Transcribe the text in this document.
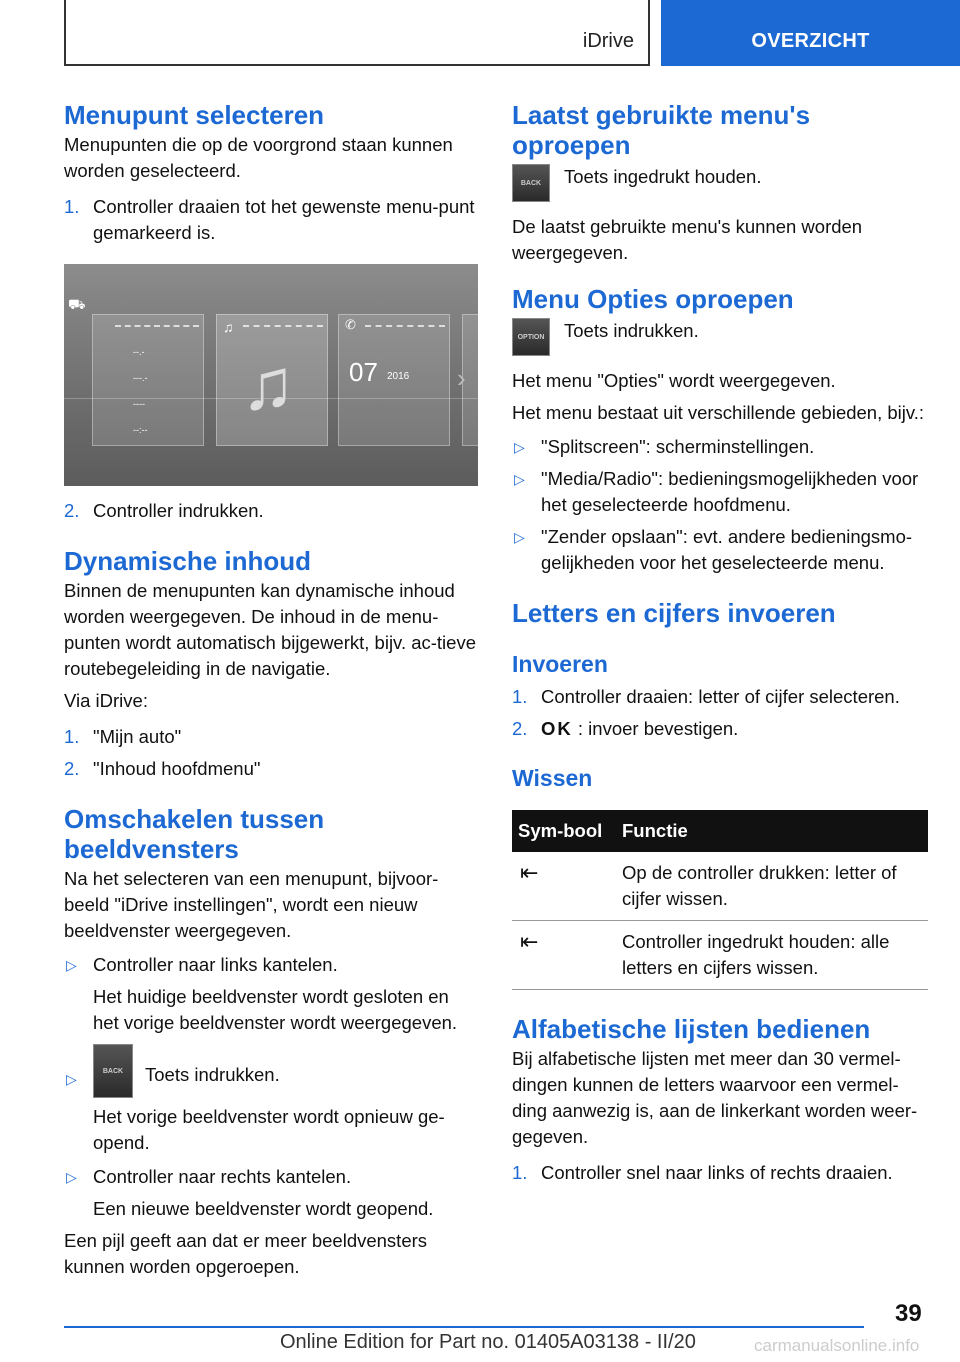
iDrive	OVERZICHT
Menupunt selecteren

Menupunten die op de voorgrond staan kunnen worden geselecteerd.

1. Controller draaien tot het gewenste menu-punt gemarkeerd is.
⛟
--.-
---.-
----
--:--
♫
♫
✆
07 2016 ›
2. Controller indrukken.
Dynamische inhoud

Binnen de menupunten kan dynamische inhoud worden weergegeven. De inhoud in de menu-punten wordt automatisch bijgewerkt, bijv. ac-tieve routebegeleiding in de navigatie.

Via iDrive:

1. "Mijn auto"
2. "Inhoud hoofdmenu"
Omschakelen tussen beeldvensters

Na het selecteren van een menupunt, bijvoor-beeld "iDrive instellingen", wordt een nieuw beeldvenster weergegeven.

▷ Controller naar links kantelen.
Het huidige beeldvenster wordt gesloten en het vorige beeldvenster wordt weergegeven.
▷	BACK	Toets indrukken.
Het vorige beeldvenster wordt opnieuw ge-opend.
▷ Controller naar rechts kantelen.
Een nieuwe beeldvenster wordt geopend.

Een pijl geeft aan dat er meer beeldvensters kunnen worden opgeroepen.

Laatst gebruikte menu's oproepen
BACK	Toets ingedrukt houden.

De laatst gebruikte menu's kunnen worden weergegeven.

Menu Opties oproepen
OPTION	Toets indrukken.

Het menu "Opties" wordt weergegeven.

Het menu bestaat uit verschillende gebieden, bijv.:

▷ "Splitscreen": scherminstellingen.
▷ "Media/Radio": bedieningsmogelijkheden voor het geselecteerde hoofdmenu.
▷ "Zender opslaan": evt. andere bedieningsmo-gelijkheden voor het geselecteerde menu.
Letters en cijfers invoeren
Invoeren
1. Controller draaien: letter of cijfer selecteren.
2. OK : invoer bevestigen.
Wissen
Sym-bool	Functie
⇤	Op de controller drukken: letter of cijfer wissen.
⇤	Controller ingedrukt houden: alle letters en cijfers wissen.
Alfabetische lijsten bedienen

Bij alfabetische lijsten met meer dan 30 vermel-dingen kunnen de letters waarvoor een vermel-ding aanwezig is, aan de linkerkant worden weer-gegeven.

1. Controller snel naar links of rechts draaien.
39
Online Edition for Part no. 01405A03138 - II/20	carmanualsonline.info
